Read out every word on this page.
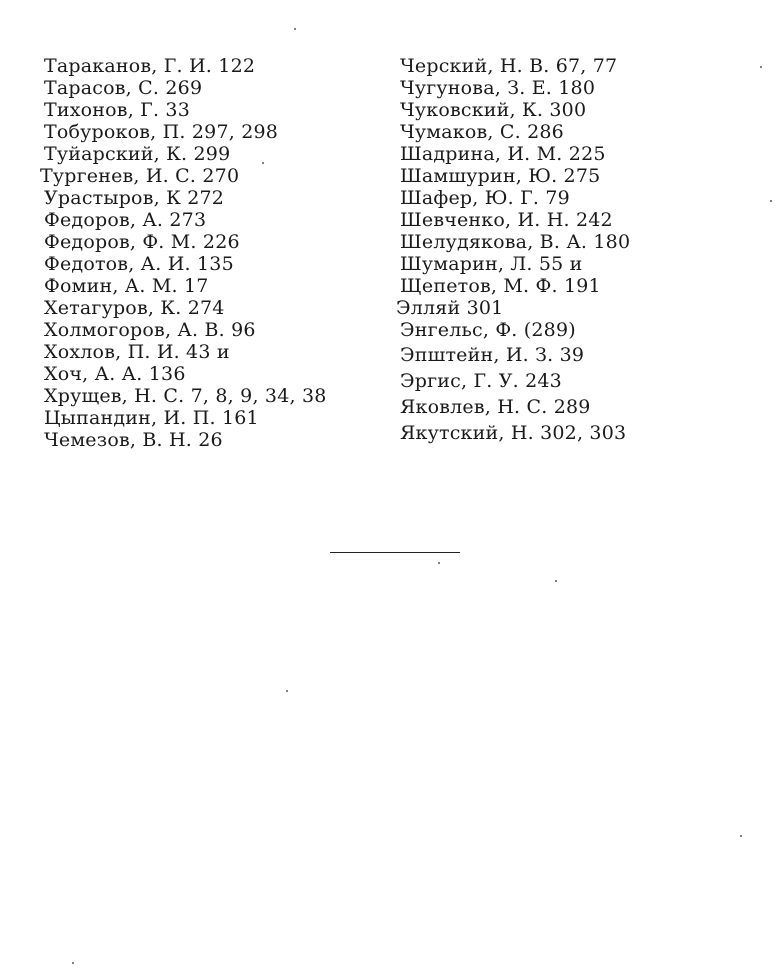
Тараканов, Г. И. 122
Тарасов, С. 269
Тихонов, Г. 33
Тобуроков, П. 297, 298
Туйарский, К. 299
Тургенев, И. С. 270
Урастыров, К 272
Федоров, А. 273
Федоров, Ф. М. 226
Федотов, А. И. 135
Фомин, А. М. 17
Хетагуров, К. 274
Холмогоров, А. В. 96
Хохлов, П. И. 43 и
Хоч, А. А. 136
Хрущев, Н. С. 7, 8, 9, 34, 38
Цыпандин, И. П. 161
Чемезов, В. Н. 26
Черский, Н. В. 67, 77
Чугунова, З. Е. 180
Чуковский, К. 300
Чумаков, С. 286
Шадрина, И. М. 225
Шамшурин, Ю. 275
Шафер, Ю. Г. 79
Шевченко, И. Н. 242
Шелудякова, В. А. 180
Шумарин, Л. 55 и
Щепетов, М. Ф. 191
Элляй 301
Энгельс, Ф. (289)
Эпштейн, И. З. 39
Эргис, Г. У. 243
Яковлев, Н. С. 289
Якутский, Н. 302, 303
